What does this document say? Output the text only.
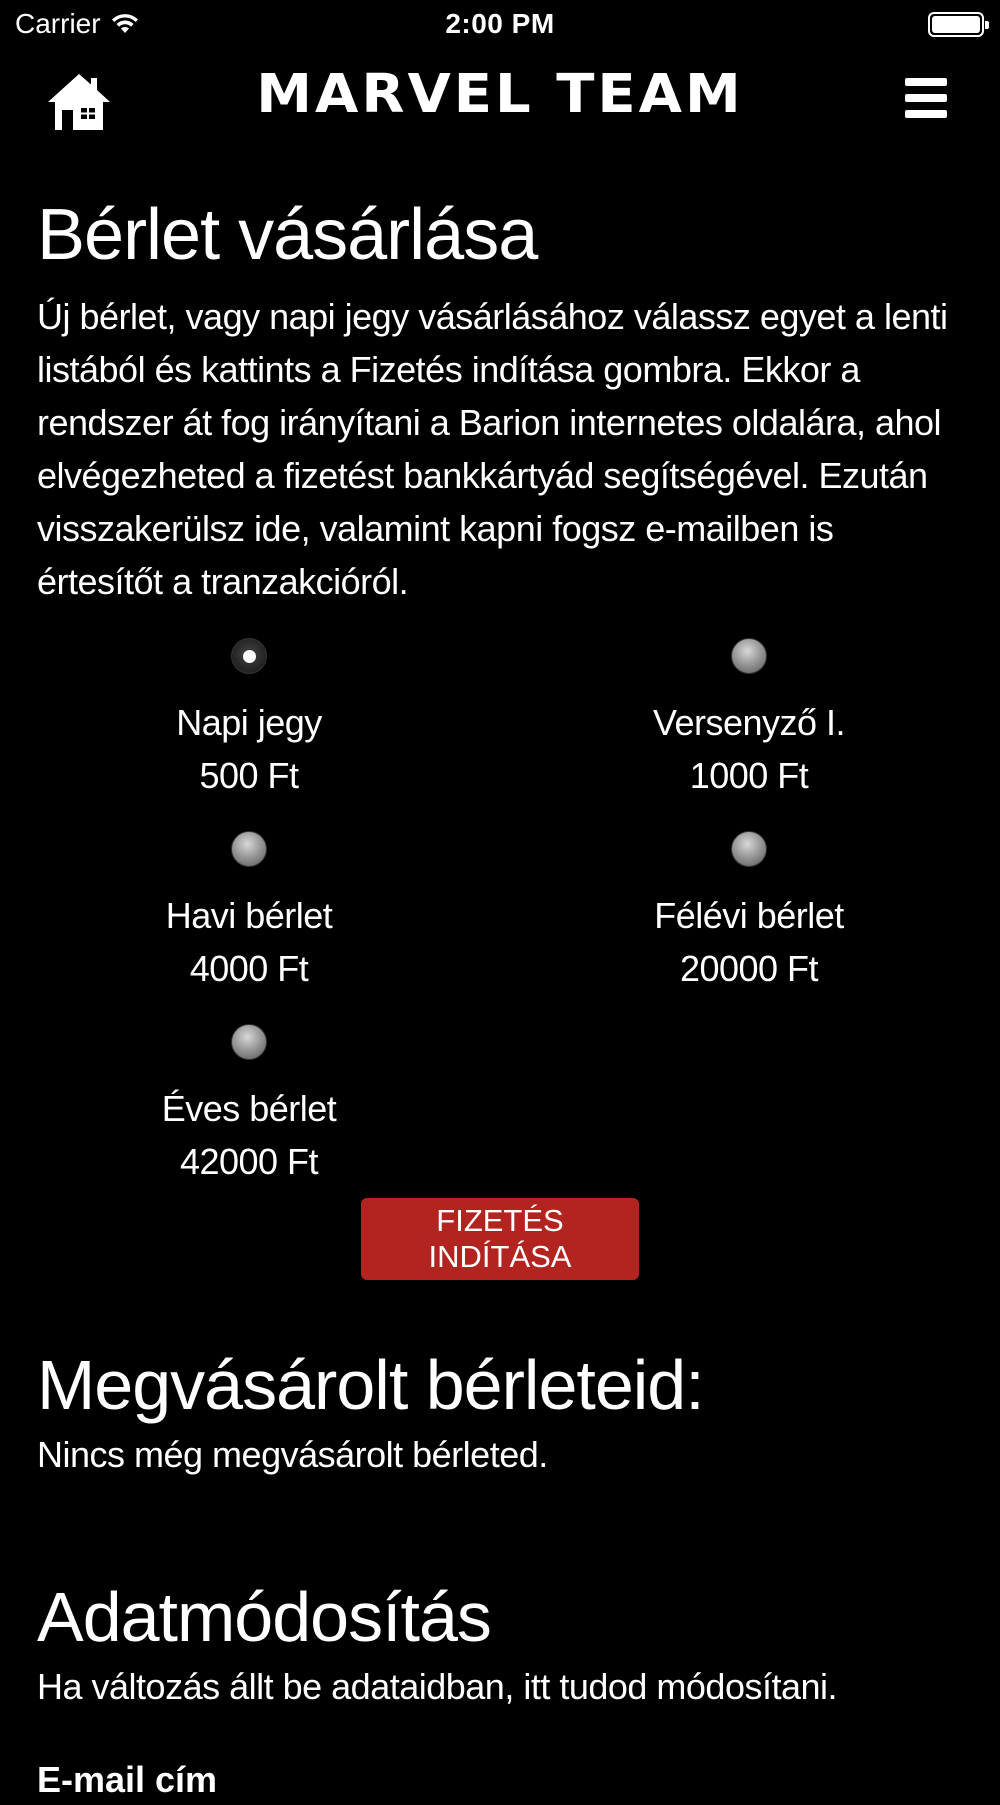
Carrier	2:00 PM
MARVEL TEAM
Bérlet vásárlása

Új bérlet, vagy napi jegy vásárlásához válassz egyet a lenti listából és kattints a Fizetés indítása gombra. Ekkor a rendszer át fog irányítani a Barion internetes oldalára, ahol elvégezheted a fizetést bankkártyád segítségével. Ezután visszakerülsz ide, valamint kapni fogsz e-mailben is értesítőt a tranzakcióról.

Napi jegy
500 Ft
Versenyző I.
1000 Ft
Havi bérlet
4000 Ft
Félévi bérlet
20000 Ft
Éves bérlet
42000 Ft
FIZETÉS INDÍTÁSA
Megvásárolt bérleteid:

Nincs még megvásárolt bérleted.

Adatmódosítás

Ha változás állt be adataidban, itt tudod módosítani.

E-mail cím
